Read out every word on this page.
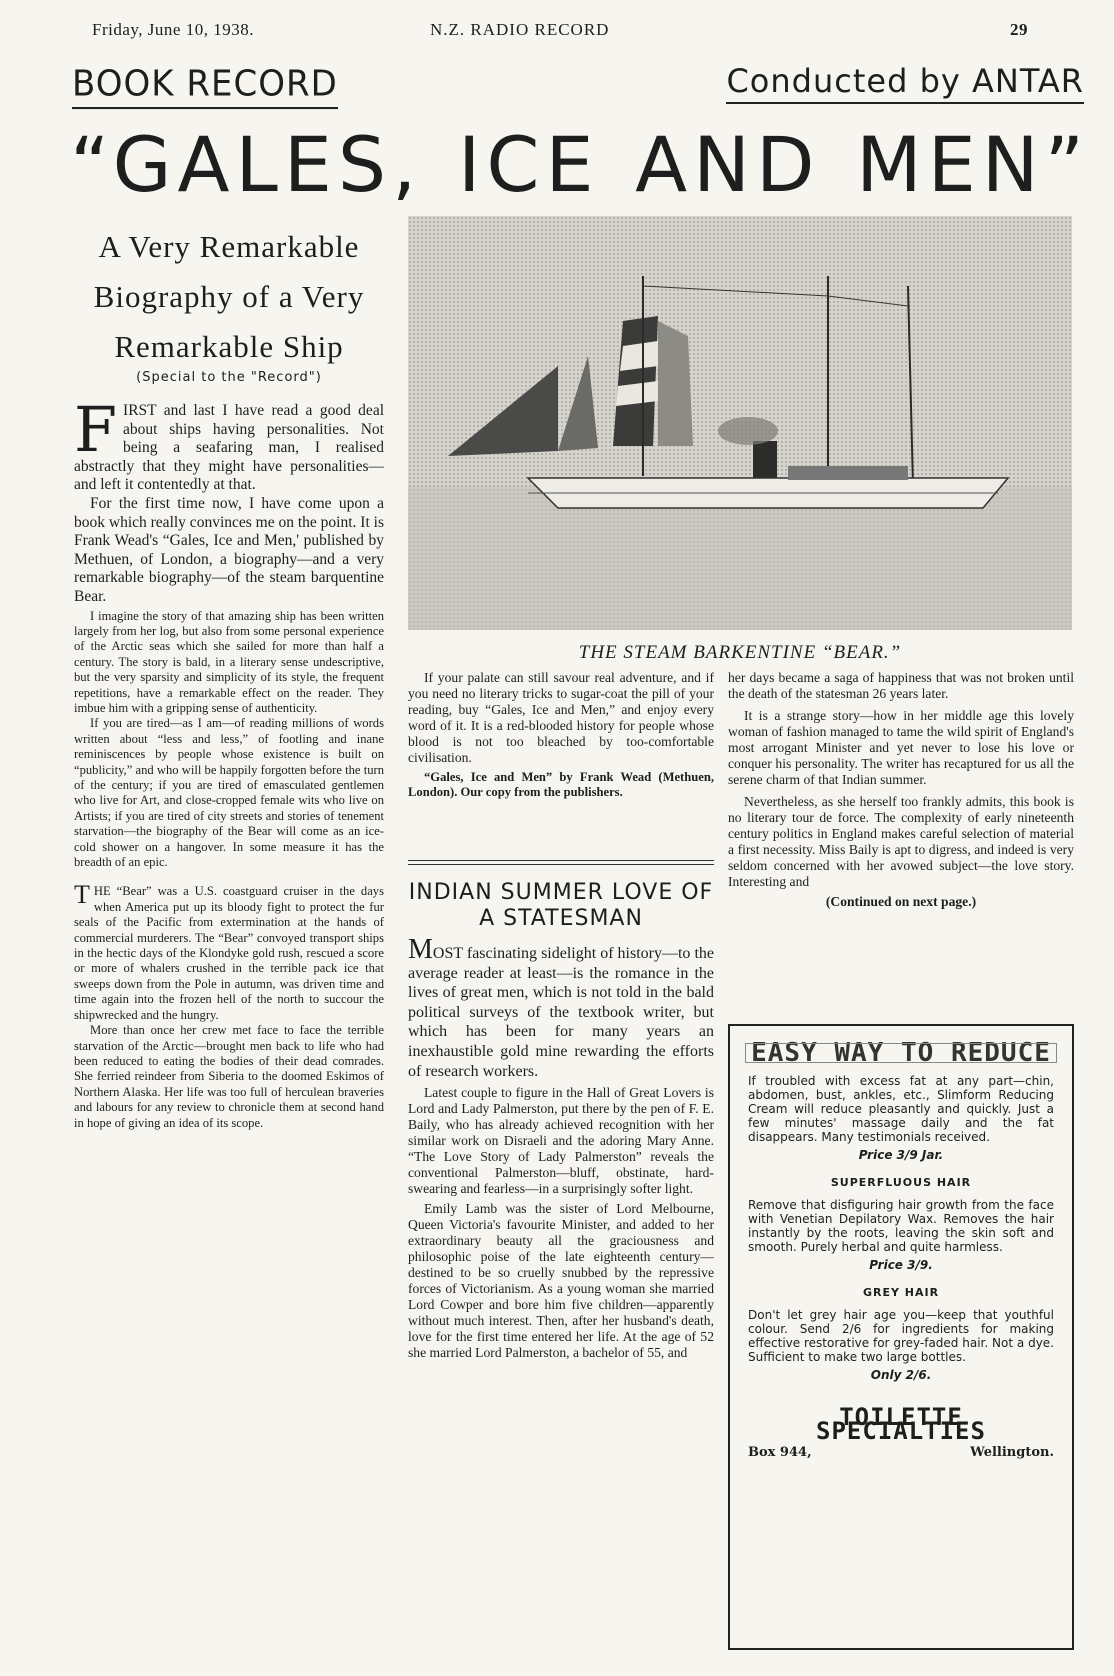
Friday, June 10, 1938.	N.Z. RADIO RECORD	29
BOOK RECORD	Conducted by ANTAR
“GALES, ICE AND MEN”
A Very Remarkable Biography of a Very Remarkable Ship
(Special to the "Record")

F IRST and last I have read a good deal about ships having personalities. Not being a seafaring man, I realised abstractly that they might have personalities—and left it contentedly at that.

For the first time now, I have come upon a book which really convinces me on the point. It is Frank Wead's “Gales, Ice and Men,' published by Methuen, of London, a biography—and a very remarkable biography—of the steam barquentine Bear.

I imagine the story of that amazing ship has been written largely from her log, but also from some personal experience of the Arctic seas which she sailed for more than half a century. The story is bald, in a literary sense undescriptive, but the very sparsity and simplicity of its style, the frequent repetitions, have a remarkable effect on the reader. They imbue him with a gripping sense of authenticity.

If you are tired—as I am—of reading millions of words written about “less and less,” of footling and inane reminiscences by people whose existence is built on “publicity,” and who will be happily forgotten before the turn of the century; if you are tired of emasculated gentlemen who live for Art, and close-cropped female wits who live on Artists; if you are tired of city streets and stories of tenement starvation—the biography of the Bear will come as an ice-cold shower on a hangover. In some measure it has the breadth of an epic.

T HE “Bear” was a U.S. coastguard cruiser in the days when America put up its bloody fight to protect the fur seals of the Pacific from extermination at the hands of commercial murderers. The “Bear” convoyed transport ships in the hectic days of the Klondyke gold rush, rescued a score or more of whalers crushed in the terrible pack ice that sweeps down from the Pole in autumn, was driven time and time again into the frozen hell of the north to succour the shipwrecked and the hungry.

More than once her crew met face to face the terrible starvation of the Arctic—brought men back to life who had been reduced to eating the bodies of their dead comrades. She ferried reindeer from Siberia to the doomed Eskimos of Northern Alaska. Her life was too full of herculean braveries and labours for any review to chronicle them at second hand in hope of giving an idea of its scope.

THE STEAM BARKENTINE “BEAR.”

If your palate can still savour real adventure, and if you need no literary tricks to sugar-coat the pill of your reading, buy “Gales, Ice and Men,” and enjoy every word of it. It is a red-blooded history for people whose blood is not too bleached by too-comfortable civilisation.

“Gales, Ice and Men” by Frank Wead (Methuen, London). Our copy from the publishers.

INDIAN SUMMER LOVE OF A STATESMAN

MOST fascinating sidelight of history—to the average reader at least—is the romance in the lives of great men, which is not told in the bald political surveys of the textbook writer, but which has been for many years an inexhaustible gold mine rewarding the efforts of research workers.

Latest couple to figure in the Hall of Great Lovers is Lord and Lady Palmerston, put there by the pen of F. E. Baily, who has already achieved recognition with her similar work on Disraeli and the adoring Mary Anne. “The Love Story of Lady Palmerston” reveals the conventional Palmerston—bluff, obstinate, hard-swearing and fearless—in a surprisingly softer light.

Emily Lamb was the sister of Lord Melbourne, Queen Victoria's favourite Minister, and added to her extraordinary beauty all the graciousness and philosophic poise of the late eighteenth century—destined to be so cruelly snubbed by the repressive forces of Victorianism. As a young woman she married Lord Cowper and bore him five children—apparently without much interest. Then, after her husband's death, love for the first time entered her life. At the age of 52 she married Lord Palmerston, a bachelor of 55, and

her days became a saga of happiness that was not broken until the death of the statesman 26 years later.

It is a strange story—how in her middle age this lovely woman of fashion managed to tame the wild spirit of England's most arrogant Minister and yet never to lose his love or conquer his personality. The writer has recaptured for us all the serene charm of that Indian summer.

Nevertheless, as she herself too frankly admits, this book is no literary tour de force. The complexity of early nineteenth century politics in England makes careful selection of material a first necessity. Miss Baily is apt to digress, and indeed is very seldom concerned with her avowed subject—the love story. Interesting and

(Continued on next page.)

EASY WAY TO REDUCE

If troubled with excess fat at any part—chin, abdomen, bust, ankles, etc., Slimform Reducing Cream will reduce pleasantly and quickly. Just a few minutes' massage daily and the fat disappears. Many testimonials received.

Price 3/9 Jar.

SUPERFLUOUS HAIR

Remove that disfiguring hair growth from the face with Venetian Depilatory Wax. Removes the hair instantly by the roots, leaving the skin soft and smooth. Purely herbal and quite harmless.

Price 3/9.

GREY HAIR

Don't let grey hair age you—keep that youthful colour. Send 2/6 for ingredients for making effective restorative for grey-faded hair. Not a dye. Sufficient to make two large bottles.

Only 2/6.

TOILETTE SPECIALTIES
Box 944,	Wellington.
